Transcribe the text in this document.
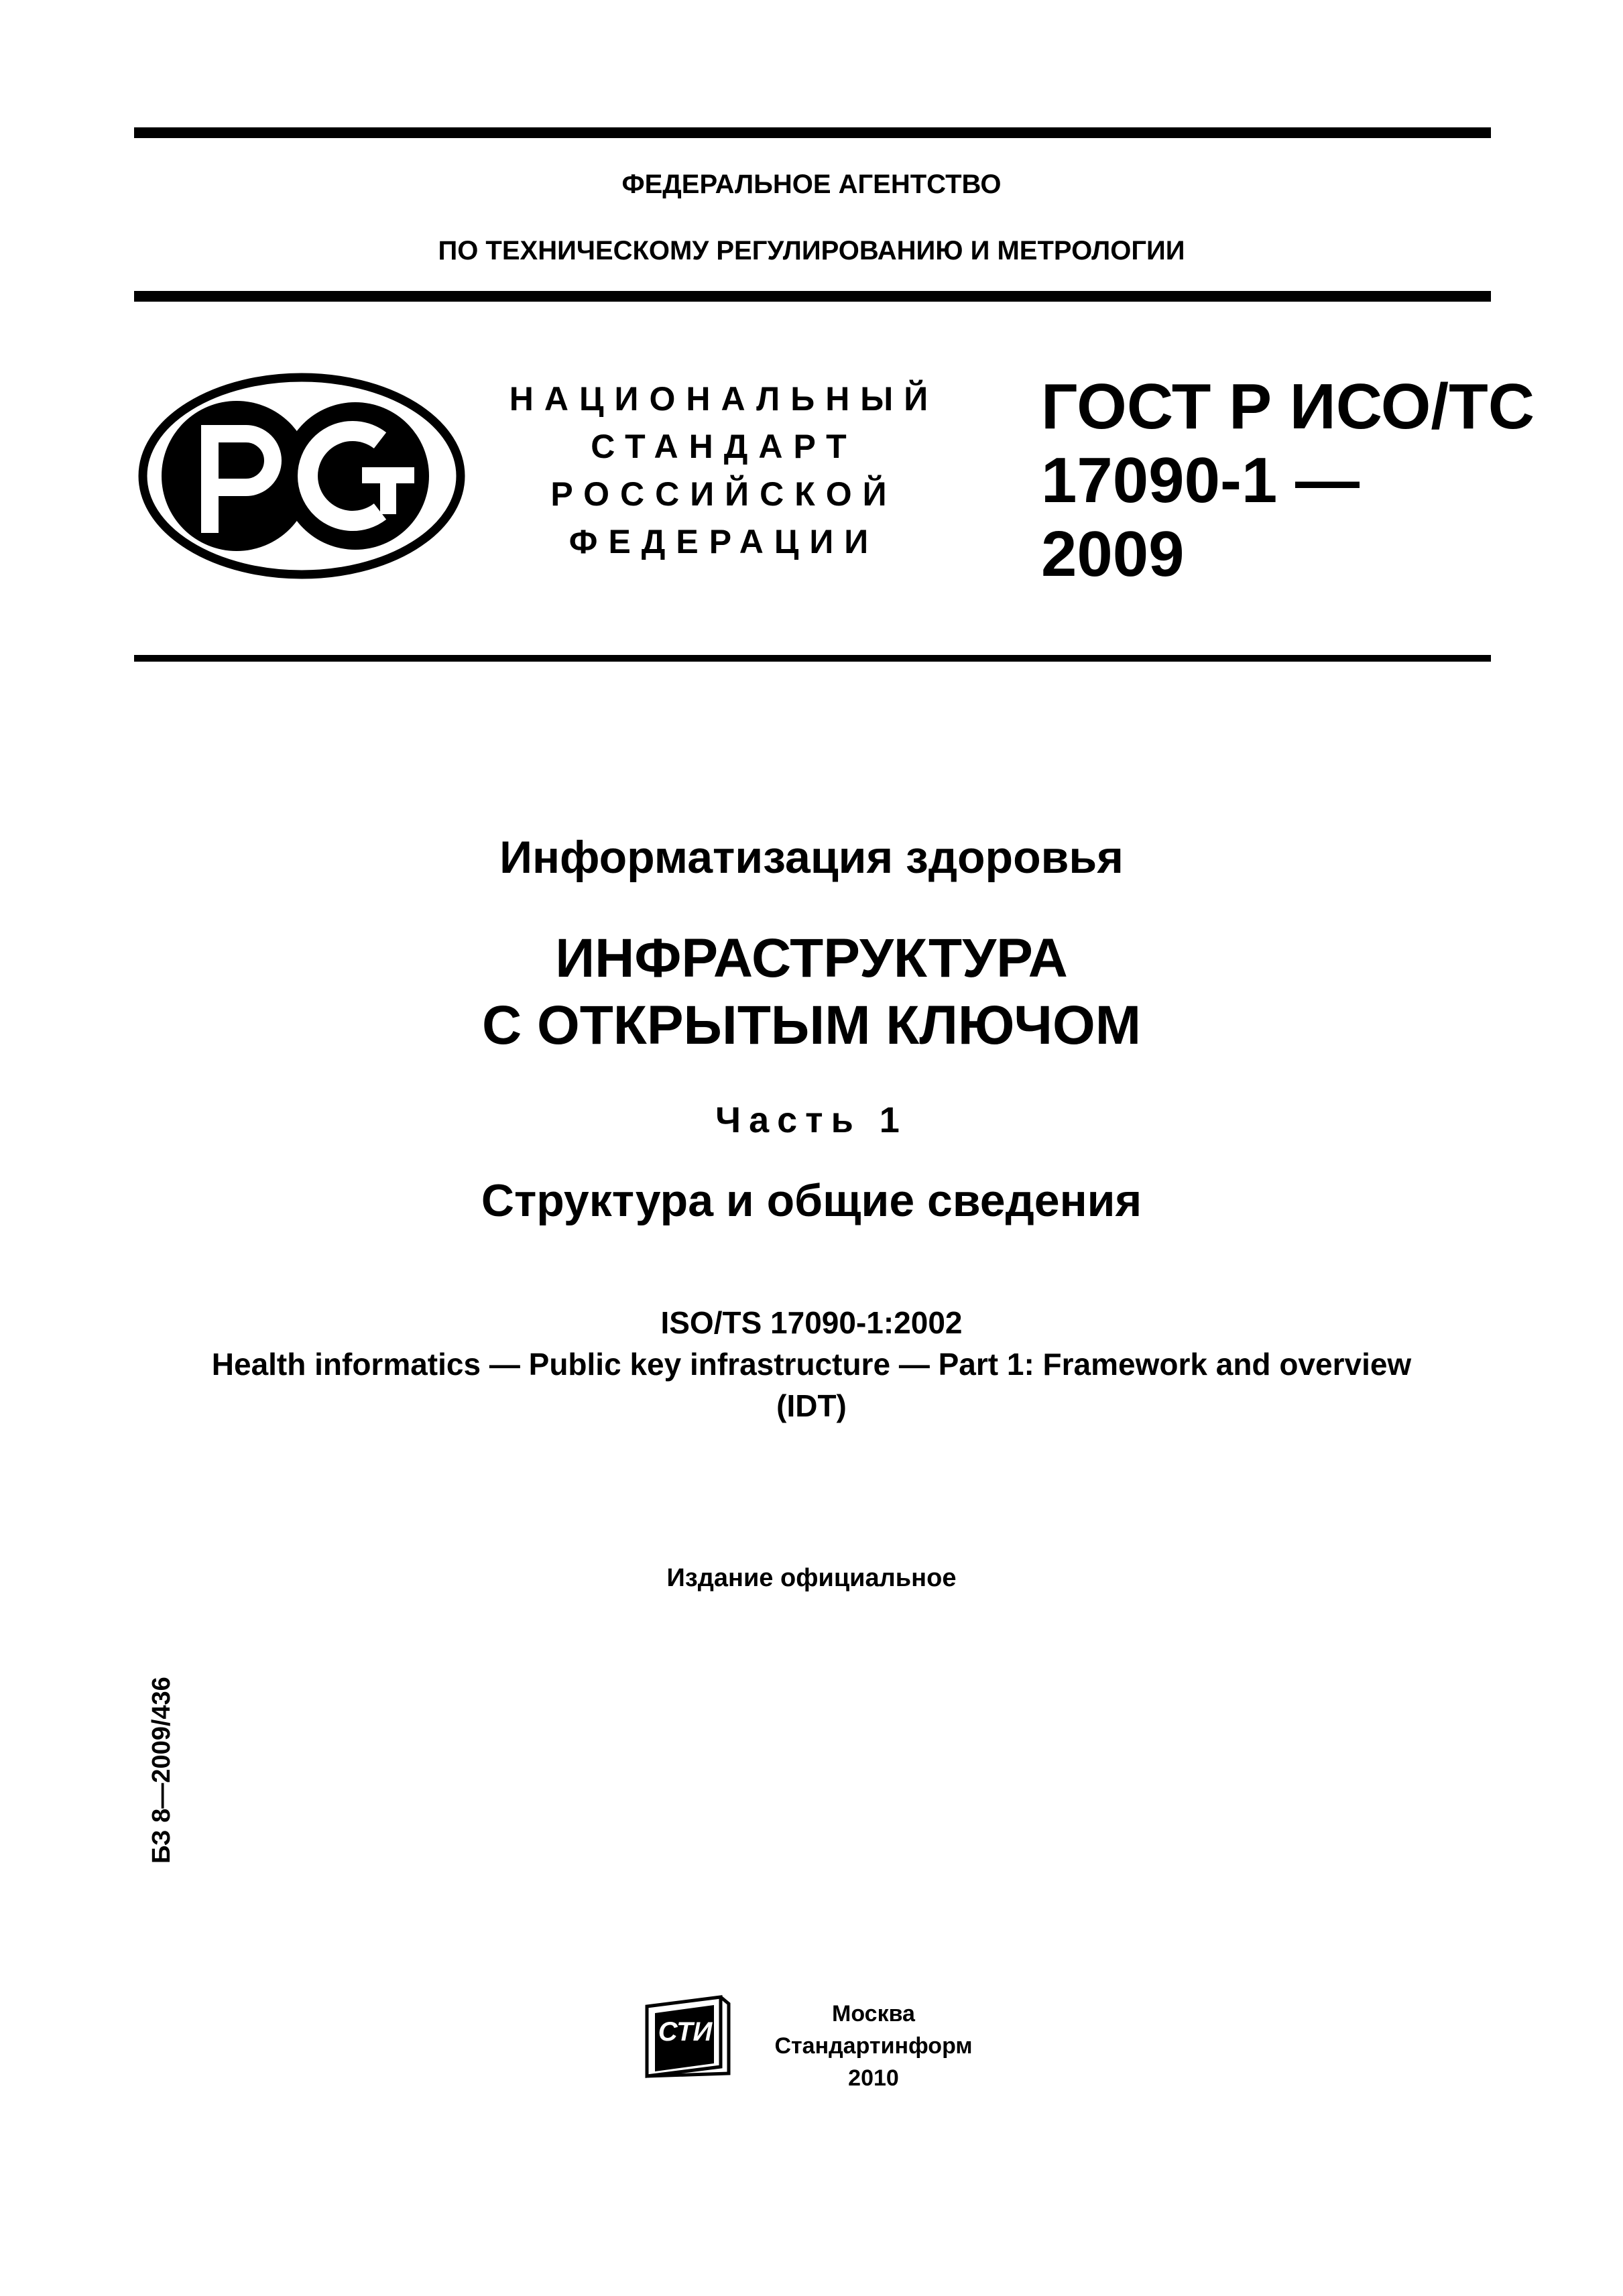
ФЕДЕРАЛЬНОЕ АГЕНТСТВО
ПО ТЕХНИЧЕСКОМУ РЕГУЛИРОВАНИЮ И МЕТРОЛОГИИ
НАЦИОНАЛЬНЫЙ
СТАНДАРТ
РОССИЙСКОЙ
ФЕДЕРАЦИИ
ГОСТ Р ИСО/ТС
17090-1 —
2009
Информатизация здоровья
ИНФРАСТРУКТУРА
С ОТКРЫТЫМ КЛЮЧОМ
Часть 1
Структура и общие сведения
ISO/TS 17090-1:2002
Health informatics — Public key infrastructure — Part 1: Framework and overview
(IDT)
Издание официальное
БЗ 8—2009/436
СТИ
Москва
Стандартинформ
2010
